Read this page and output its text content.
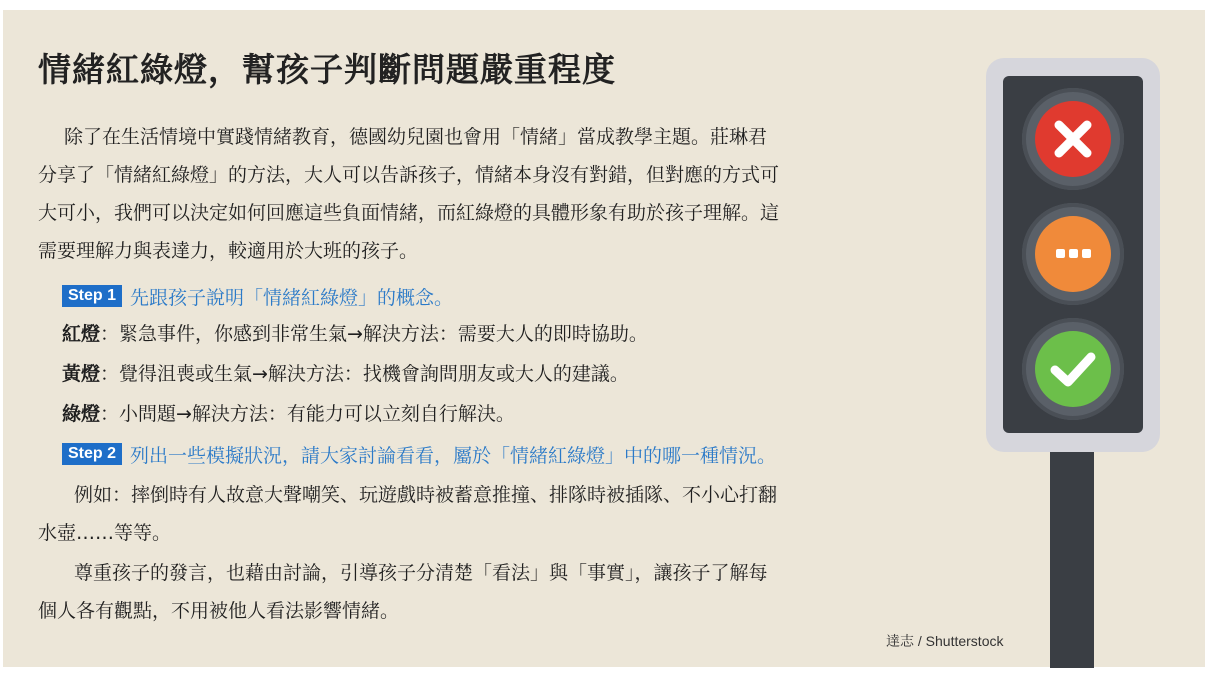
情緒紅綠燈，幫孩子判斷問題嚴重程度
除了在生活情境中實踐情緒教育，德國幼兒園也會用「情緒」當成教學主題。莊琳君
分享了「情緒紅綠燈」的方法，大人可以告訴孩子，情緒本身沒有對錯，但對應的方式可
大可小，我們可以決定如何回應這些負面情緒，而紅綠燈的具體形象有助於孩子理解。這
需要理解力與表達力，較適用於大班的孩子。
Step 1 先跟孩子說明「情緒紅綠燈」的概念。
紅燈：緊急事件，你感到非常生氣→解決方法：需要大人的即時協助。
黃燈：覺得沮喪或生氣→解決方法：找機會詢問朋友或大人的建議。
綠燈：小問題→解決方法：有能力可以立刻自行解決。
Step 2 列出一些模擬狀況，請大家討論看看，屬於「情緒紅綠燈」中的哪一種情況。
例如：摔倒時有人故意大聲嘲笑、玩遊戲時被蓄意推撞、排隊時被插隊、不小心打翻
水壺……等等。
尊重孩子的發言，也藉由討論，引導孩子分清楚「看法」與「事實」，讓孩子了解每
個人各有觀點，不用被他人看法影響情緒。
達志 / Shutterstock
